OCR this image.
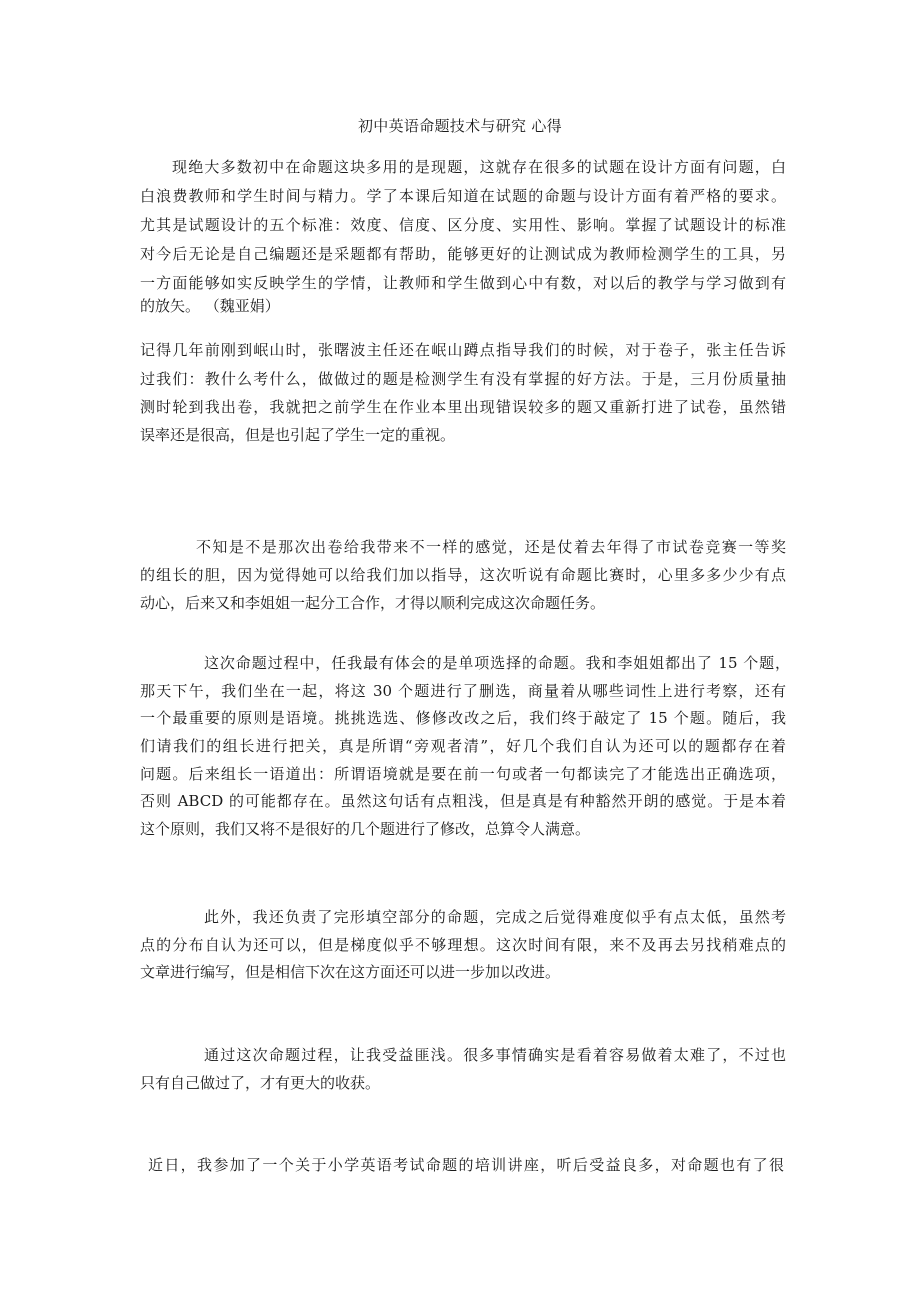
初中英语命题技术与研究 心得
现绝大多数初中在命题这块多用的是现题，这就存在很多的试题在设计方面有问题，白
白浪费教师和学生时间与精力。学了本课后知道在试题的命题与设计方面有着严格的要求。
尤其是试题设计的五个标准：效度、信度、区分度、实用性、影响。掌握了试题设计的标准
对今后无论是自己编题还是采题都有帮助，能够更好的让测试成为教师检测学生的工具，另
一方面能够如实反映学生的学情，让教师和学生做到心中有数，对以后的教学与学习做到有
的放矢。 （魏亚娟）
记得几年前刚到岷山时，张曙波主任还在岷山蹲点指导我们的时候，对于卷子，张主任告诉
过我们：教什么考什么，做做过的题是检测学生有没有掌握的好方法。于是，三月份质量抽
测时轮到我出卷，我就把之前学生在作业本里出现错误较多的题又重新打进了试卷，虽然错
误率还是很高，但是也引起了学生一定的重视。
不知是不是那次出卷给我带来不一样的感觉，还是仗着去年得了市试卷竞赛一等奖
的组长的胆，因为觉得她可以给我们加以指导，这次听说有命题比赛时，心里多多少少有点
动心，后来又和李姐姐一起分工合作，才得以顺利完成这次命题任务。
这次命题过程中，任我最有体会的是单项选择的命题。我和李姐姐都出了 15 个题，
那天下午，我们坐在一起，将这 30 个题进行了删选，商量着从哪些词性上进行考察，还有
一个最重要的原则是语境。挑挑选选、修修改改之后，我们终于敲定了 15 个题。随后，我
们请我们的组长进行把关，真是所谓“旁观者清”，好几个我们自认为还可以的题都存在着
问题。后来组长一语道出：所谓语境就是要在前一句或者一句都读完了才能选出正确选项，
否则 ABCD 的可能都存在。虽然这句话有点粗浅，但是真是有种豁然开朗的感觉。于是本着
这个原则，我们又将不是很好的几个题进行了修改，总算令人满意。
此外，我还负责了完形填空部分的命题，完成之后觉得难度似乎有点太低，虽然考
点的分布自认为还可以，但是梯度似乎不够理想。这次时间有限，来不及再去另找稍难点的
文章进行编写，但是相信下次在这方面还可以进一步加以改进。
通过这次命题过程，让我受益匪浅。很多事情确实是看着容易做着太难了，不过也
只有自己做过了，才有更大的收获。
近日，我参加了一个关于小学英语考试命题的培训讲座，听后受益良多，对命题也有了很
